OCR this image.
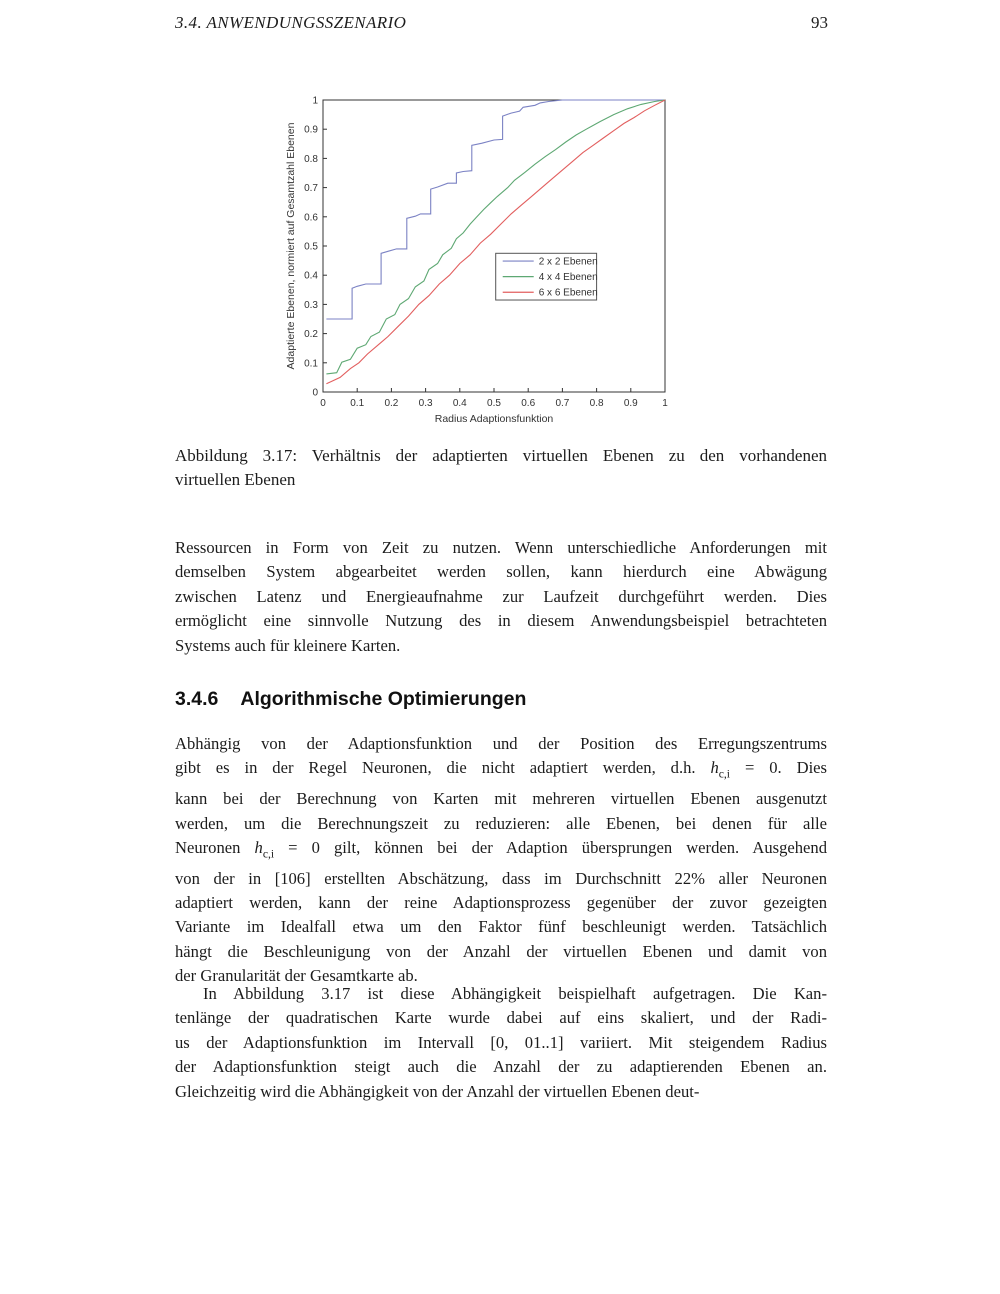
3.4. ANWENDUNGSSZENARIO	93
0 0.1 0.2 0.3 0.4 0.5 0.6 0.7 0.8 0.9 1
0
0.1
0.2
0.3
0.4
0.5
0.6
0.7
0.8
0.9
1
Radius Adaptionsfunktion
Adaptierte Ebenen, normiert auf Gesamtzahl Ebenen	2 x 2 Ebenen
4 x 4 Ebenen
6 x 6 Ebenen
Abbildung 3.17: Verhältnis der adaptierten virtuellen Ebenen zu den vorhandenen
virtuellen Ebenen
Ressourcen in Form von Zeit zu nutzen. Wenn unterschiedliche Anforderungen mit
demselben System abgearbeitet werden sollen, kann hierdurch eine Abwägung
zwischen Latenz und Energieaufnahme zur Laufzeit durchgeführt werden. Dies
ermöglicht eine sinnvolle Nutzung des in diesem Anwendungsbeispiel betrachteten
Systems auch für kleinere Karten.
3.4.6 Algorithmische Optimierungen
Abhängig von der Adaptionsfunktion und der Position des Erregungszentrums
gibt es in der Regel Neuronen, die nicht adaptiert werden, d.h. $h_{c,i} = 0$. Dies
kann bei der Berechnung von Karten mit mehreren virtuellen Ebenen ausgenutzt
werden, um die Berechnungszeit zu reduzieren: alle Ebenen, bei denen für alle
Neuronen $h_{c,i} = 0$ gilt, können bei der Adaption übersprungen werden. Ausgehend
von der in [106] erstellten Abschätzung, dass im Durchschnitt 22% aller Neuronen
adaptiert werden, kann der reine Adaptionsprozess gegenüber der zuvor gezeigten
Variante im Idealfall etwa um den Faktor fünf beschleunigt werden. Tatsächlich
hängt die Beschleunigung von der Anzahl der virtuellen Ebenen und damit von
der Granularität der Gesamtkarte ab.
In Abbildung 3.17 ist diese Abhängigkeit beispielhaft aufgetragen. Die Kan-
tenlänge der quadratischen Karte wurde dabei auf eins skaliert, und der Radi-
us der Adaptionsfunktion im Intervall [0, 01..1] variiert. Mit steigendem Radius
der Adaptionsfunktion steigt auch die Anzahl der zu adaptierenden Ebenen an.
Gleichzeitig wird die Abhängigkeit von der Anzahl der virtuellen Ebenen deut-
